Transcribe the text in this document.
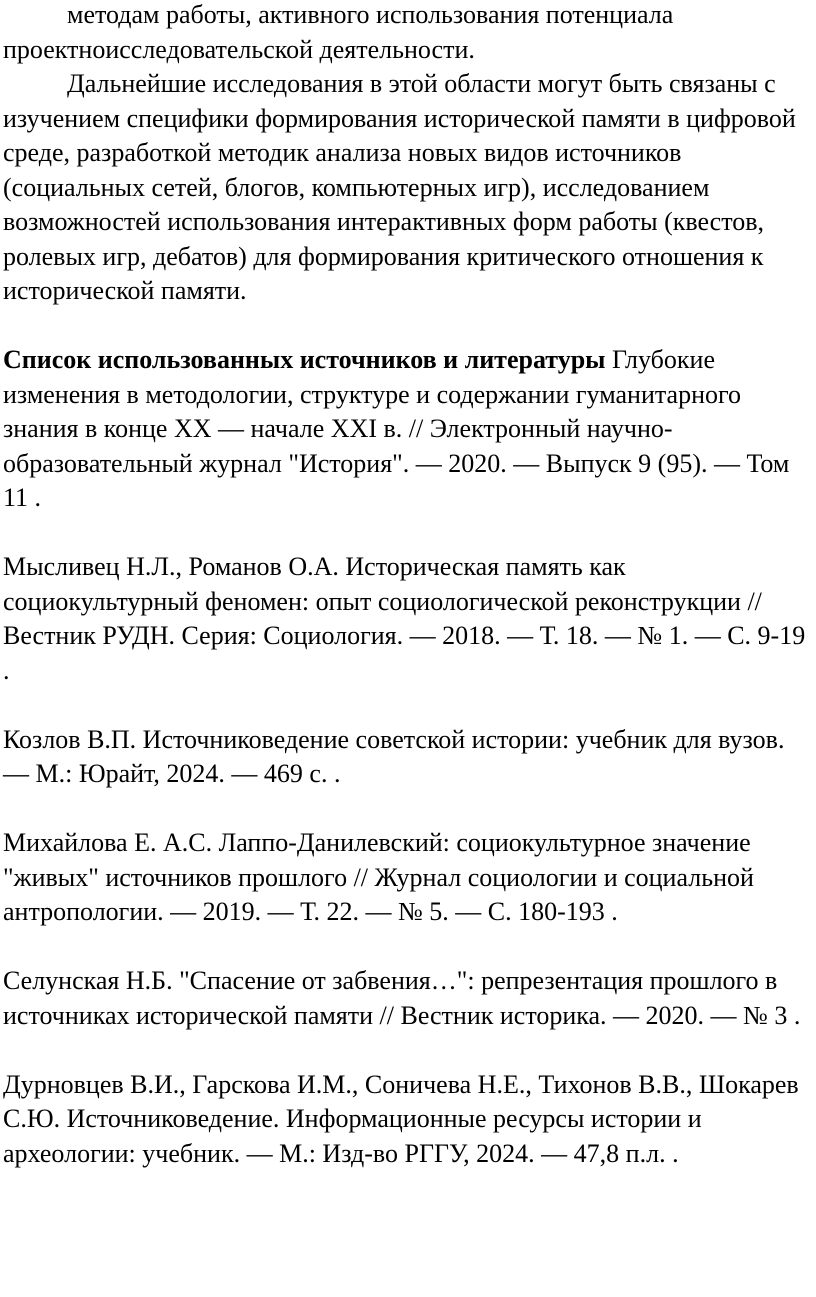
методам работы, активного использования потенциала проектноисследовательской деятельности.

Дальнейшие исследования в этой области могут быть связаны с изучением специфики формирования исторической памяти в цифровой среде, разработкой методик анализа новых видов источников (социальных сетей, блогов, компьютерных игр), исследованием возможностей использования интерактивных форм работы (квестов, ролевых игр, дебатов) для формирования критического отношения к исторической памяти.

Список использованных источников и литературы Глубокие изменения в методологии, структуре и содержании гуманитарного знания в конце XX — начале XXI в. // Электронный научно-образовательный журнал "История". — 2020. — Выпуск 9 (95). — Том 11 .

Мысливец Н.Л., Романов О.А. Историческая память как социокультурный феномен: опыт социологической реконструкции // Вестник РУДН. Серия: Социология. — 2018. — Т. 18. — № 1. — С. 9-19 .

Козлов В.П. Источниковедение советской истории: учебник для вузов. — М.: Юрайт, 2024. — 469 с. .

Михайлова Е. А.С. Лаппо-Данилевский: социокультурное значение "живых" источников прошлого // Журнал социологии и социальной антропологии. — 2019. — Т. 22. — № 5. — С. 180-193 .

Селунская Н.Б. "Спасение от забвения…": репрезентация прошлого в источниках исторической памяти // Вестник историка. — 2020. — № 3 .

Дурновцев В.И., Гарскова И.М., Соничева Н.Е., Тихонов В.В., Шокарев С.Ю. Источниковедение. Информационные ресурсы истории и археологии: учебник. — М.: Изд-во РГГУ, 2024. — 47,8 п.л. .
